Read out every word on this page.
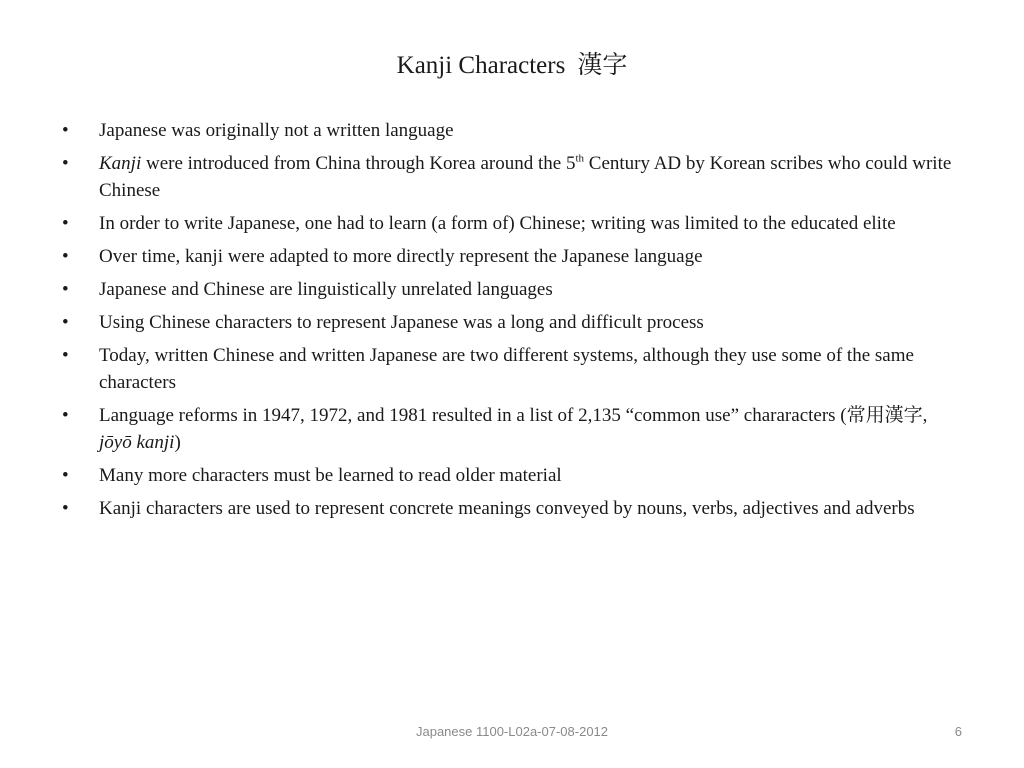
Kanji Characters 漢字
•	Japanese was originally not a written language
•	Kanji were introduced from China through Korea around the 5th Century AD by Korean scribes who could write Chinese
•	In order to write Japanese, one had to learn (a form of) Chinese; writing was limited to the educated elite
•	Over time, kanji were adapted to more directly represent the Japanese language
•	Japanese and Chinese are linguistically unrelated languages
•	Using Chinese characters to represent Japanese was a long and difficult process
•	Today, written Chinese and written Japanese are two different systems, although they use some of the same characters
•	Language reforms in 1947, 1972, and 1981 resulted in a list of 2,135 “common use” chararacters (常用漢字, jōyō kanji)
•	Many more characters must be learned to read older material
•	Kanji characters are used to represent concrete meanings conveyed by nouns, verbs, adjectives and adverbs
Japanese 1100-L02a-07-08-2012	6
